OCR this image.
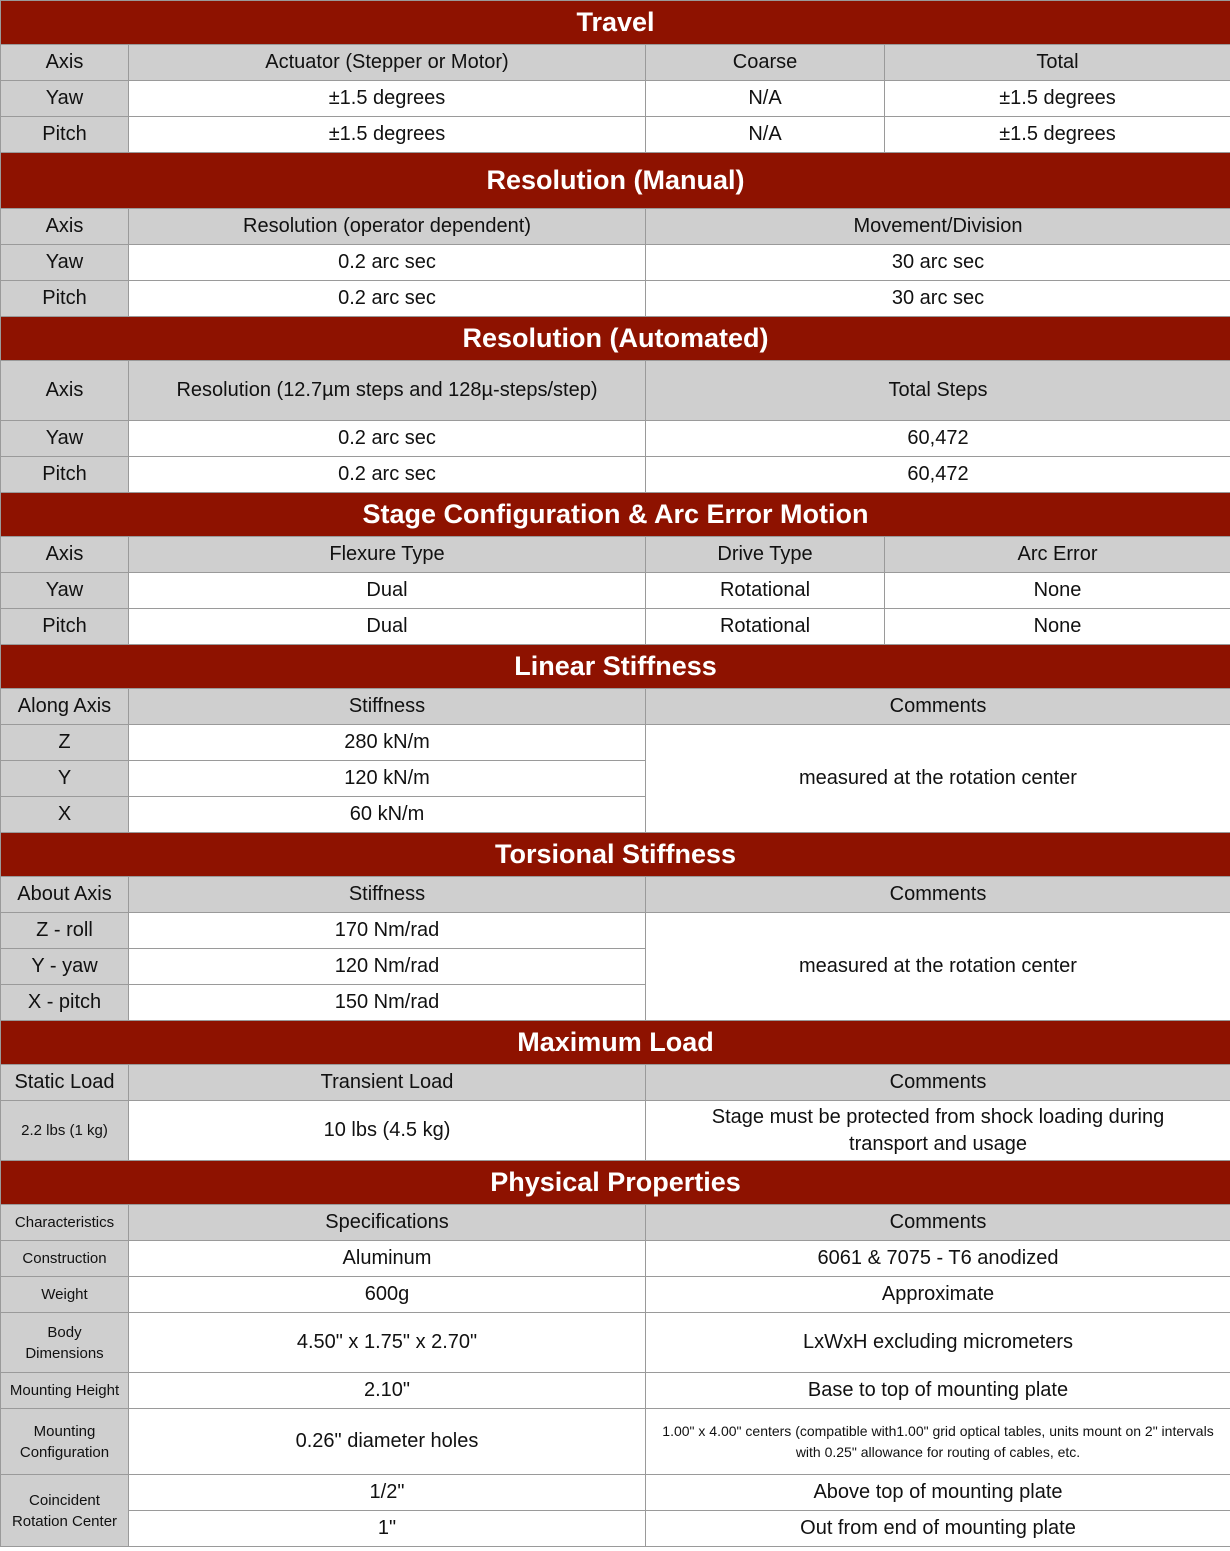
Travel			
Axis	Actuator (Stepper or Motor)	Coarse	Total
Yaw	±1.5 degrees	N/A	±1.5 degrees
Pitch	±1.5 degrees	N/A	±1.5 degrees
Resolution (Manual)			
Axis	Resolution (operator dependent)	Movement/Division	
Yaw	0.2 arc sec	30 arc sec	
Pitch	0.2 arc sec	30 arc sec	
Resolution (Automated)			
Axis	Resolution (12.7µm steps and 128µ-steps/step)	Total Steps	
Yaw	0.2 arc sec	60,472	
Pitch	0.2 arc sec	60,472	
Stage Configuration & Arc Error Motion			
Axis	Flexure Type	Drive Type	Arc Error
Yaw	Dual	Rotational	None
Pitch	Dual	Rotational	None
Linear Stiffness			
Along Axis	Stiffness	Comments	
Z	280 kN/m	measured at the rotation center	
Y	120 kN/m		
X	60 kN/m		
Torsional Stiffness			
About Axis	Stiffness	Comments	
Z - roll	170 Nm/rad	measured at the rotation center	
Y - yaw	120 Nm/rad		
X - pitch	150 Nm/rad		
Maximum Load			
Static Load	Transient Load	Comments	
2.2 lbs (1 kg)	10 lbs (4.5 kg)	Stage must be protected from shock loading during transport and usage	
Physical Properties			
Characteristics	Specifications	Comments	
Construction	Aluminum	6061 & 7075 - T6 anodized	
Weight	600g	Approximate	
Body Dimensions	4.50" x 1.75" x 2.70"	LxWxH excluding micrometers	
Mounting Height	2.10"	Base to top of mounting plate	
Mounting Configuration	0.26" diameter holes	1.00" x 4.00" centers (compatible with1.00" grid optical tables, units mount on 2" intervals with 0.25" allowance for routing of cables, etc.	
Coincident Rotation Center	1/2"	Above top of mounting plate	
	1"	Out from end of mounting plate	
